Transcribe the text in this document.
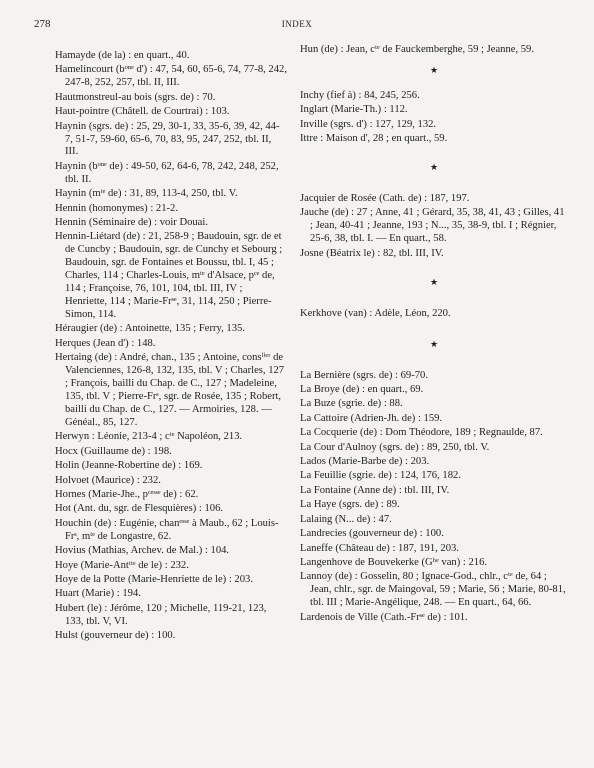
278	INDEX
Hamayde (de la) : en quart., 40.
Hamelincourt (bᵒⁿᵉ d') : 47, 54, 60, 65-6, 74, 77-8, 242, 247-8, 252, 257, tbl. II, III.
Hautmonstreul-au bois (sgrs. de) : 70.
Haut-pointre (Châtell. de Courtrai) : 103.
Haynin (sgrs. de) : 25, 29, 30-1, 33, 35-6, 39, 42, 44-7, 51-7, 59-60, 65-6, 70, 83, 95, 247, 252, tbl. II, III.
Haynin (bᵒⁿᵉ de) : 49-50, 62, 64-6, 78, 242, 248, 252, tbl. II.
Haynin (mᵗᵉ de) : 31, 89, 113-4, 250, tbl. V.
Hennin (homonymes) : 21-2.
Hennin (Séminaire de) : voir Douai.
Hennin-Liétard (de) : 21, 258-9 ; Baudouin, sgr. de et de Cuncby ; Baudouin, sgr. de Cunchy et Sebourg ; Baudouin, sgr. de Fontaines et Boussu, tbl. I, 45 ; Charles, 114 ; Charles-Louis, mᵗᵉ d'Alsace, pᶜᵉ de, 114 ; Françoise, 76, 101, 104, tbl. III, IV ; Henriette, 114 ; Marie-Frˢᵉ, 31, 114, 250 ; Pierre-Simon, 114.
Héraugier (de) : Antoinette, 135 ; Ferry, 135.
Herques (Jean d') : 148.
Hertaing (de) : André, chan., 135 ; Antoine, consˡⁱᵉʳ de Valenciennes, 126-8, 132, 135, tbl. V ; Charles, 127 ; François, bailli du Chap. de C., 127 ; Madeleine, 135, tbl. V ; Pierre-Frˢ, sgr. de Rosée, 135 ; Robert, bailli du Chap. de C., 127. — Armoiries, 128. — Généal., 85, 127.
Herwyn : Léonie, 213-4 ; cᵗᵉ Napoléon, 213.
Hocx (Guillaume de) : 198.
Holin (Jeanne-Robertine de) : 169.
Holvoet (Maurice) : 232.
Hornes (Marie-Jhe., pᶜᵉˢˢᵉ de) : 62.
Hot (Ant. du, sgr. de Flesquières) : 106.
Houchin (de) : Eugénie, chanᵉˢˢᵉ à Maub., 62 ; Louis-Frˢ, mᵗᵉ de Longastre, 62.
Hovius (Mathias, Archev. de Mal.) : 104.
Hoye (Marie-Antᵗᵗᵉ de le) : 232.
Hoye de la Potte (Marie-Henriette de le) : 203.
Huart (Marie) : 194.
Hubert (le) : Jérôme, 120 ; Michelle, 119-21, 123, 133, tbl. V, VI.
Hulst (gouverneur de) : 100.
Hun (de) : Jean, cᵗᵉ de Fauckemberghe, 59 ; Jeanne, 59.
★
Inchy (fief à) : 84, 245, 256.
Inglart (Marie-Th.) : 112.
Inville (sgrs. d') : 127, 129, 132.
Ittre : Maison d', 28 ; en quart., 59.
★
Jacquier de Rosée (Cath. de) : 187, 197.
Jauche (de) : 27 ; Anne, 41 ; Gérard, 35, 38, 41, 43 ; Gilles, 41 ; Jean, 40-41 ; Jeanne, 193 ; N..., 35, 38-9, tbl. I ; Régnier, 25-6, 38, tbl. I. — En quart., 58.
Josne (Béatrix le) : 82, tbl. III, IV.
★
Kerkhove (van) : Adèle, Léon, 220.
★
La Bernière (sgrs. de) : 69-70.
La Broye (de) : en quart., 69.
La Buze (sgrie. de) : 88.
La Cattoire (Adrien-Jh. de) : 159.
La Cocquerie (de) : Dom Théodore, 189 ; Regnaulde, 87.
La Cour d'Aulnoy (sgrs. de) : 89, 250, tbl. V.
Lados (Marie-Barbe de) : 203.
La Feuillie (sgrie. de) : 124, 176, 182.
La Fontaine (Anne de) : tbl. III, IV.
La Haye (sgrs. de) : 89.
Lalaing (N... de) : 47.
Landrecies (gouverneur de) : 100.
Laneffe (Château de) : 187, 191, 203.
Langenhove de Bouvekerke (Gʰᵉ van) : 216.
Lannoy (de) : Gosselin, 80 ; Ignace-God., chlr., cᵗᵉ de, 64 ; Jean, chlr., sgr. de Maingoval, 59 ; Marie, 56 ; Marie, 80-81, tbl. III ; Marie-Angélique, 248. — En quart., 64, 66.
Lardenois de Ville (Cath.-Frˢᵉ de) : 101.
